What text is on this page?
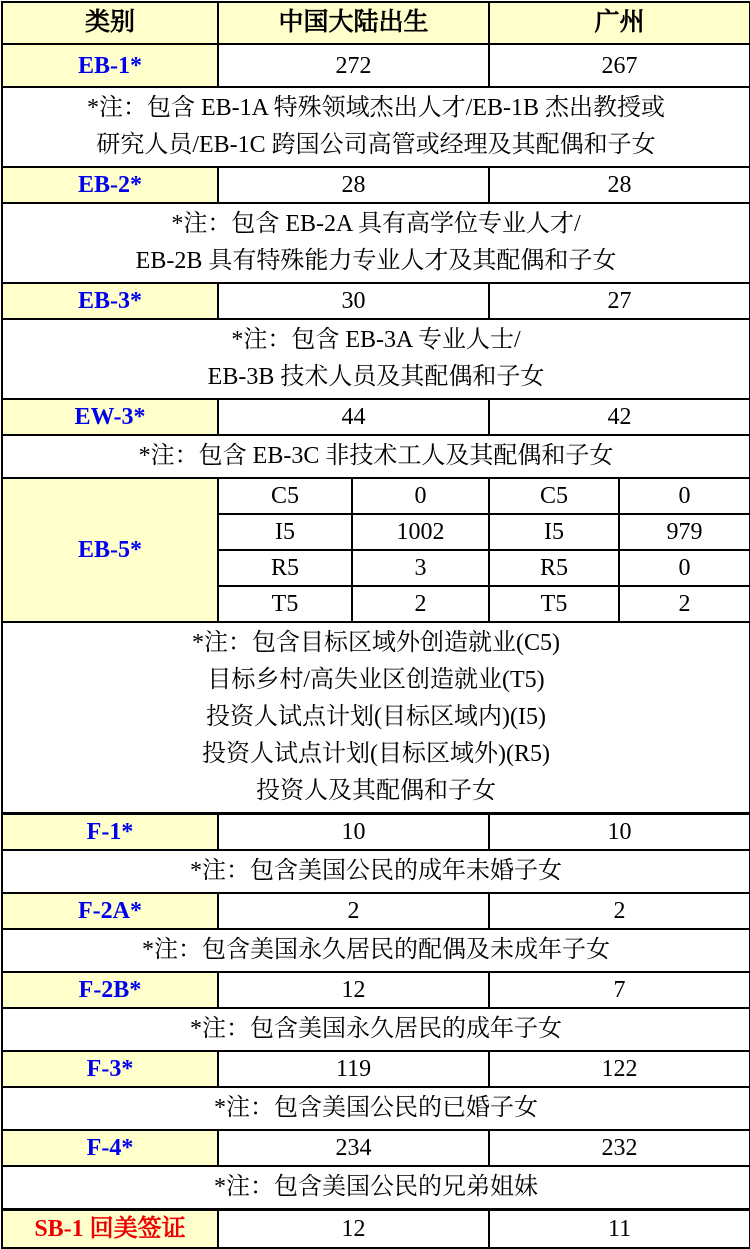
类别	中国大陆出生		广州	
EB-1*	272		267	

*注：包含 EB-1A 特殊领域杰出人才/EB-1B 杰出教授或
研究人员/EB-1C 跨国公司高管或经理及其配偶和子女				

EB-2*	28		28	

*注：包含 EB-2A 具有高学位专业人才/
EB-2B 具有特殊能力专业人才及其配偶和子女				

EB-3*	30		27	

*注：包含 EB-3A 专业人士/
EB-3B 技术人员及其配偶和子女				

EW-3*	44		42	
*注：包含 EB-3C 非技术工人及其配偶和子女				
EB-5*	C5	0	C5	0
	I5	1002	I5	979
	R5	3	R5	0
	T5	2	T5	2

*注：包含目标区域外创造就业(C5)
目标乡村/高失业区创造就业(T5)
投资人试点计划(目标区域内)(I5)
投资人试点计划(目标区域外)(R5)
投资人及其配偶和子女				

F-1*	10		10	
*注：包含美国公民的成年未婚子女				
F-2A*	2		2	
*注：包含美国永久居民的配偶及未成年子女				
F-2B*	12		7	
*注：包含美国永久居民的成年子女				
F-3*	119		122	
*注：包含美国公民的已婚子女				
F-4*	234		232	
*注：包含美国公民的兄弟姐妹				
SB-1 回美签证	12		11	
